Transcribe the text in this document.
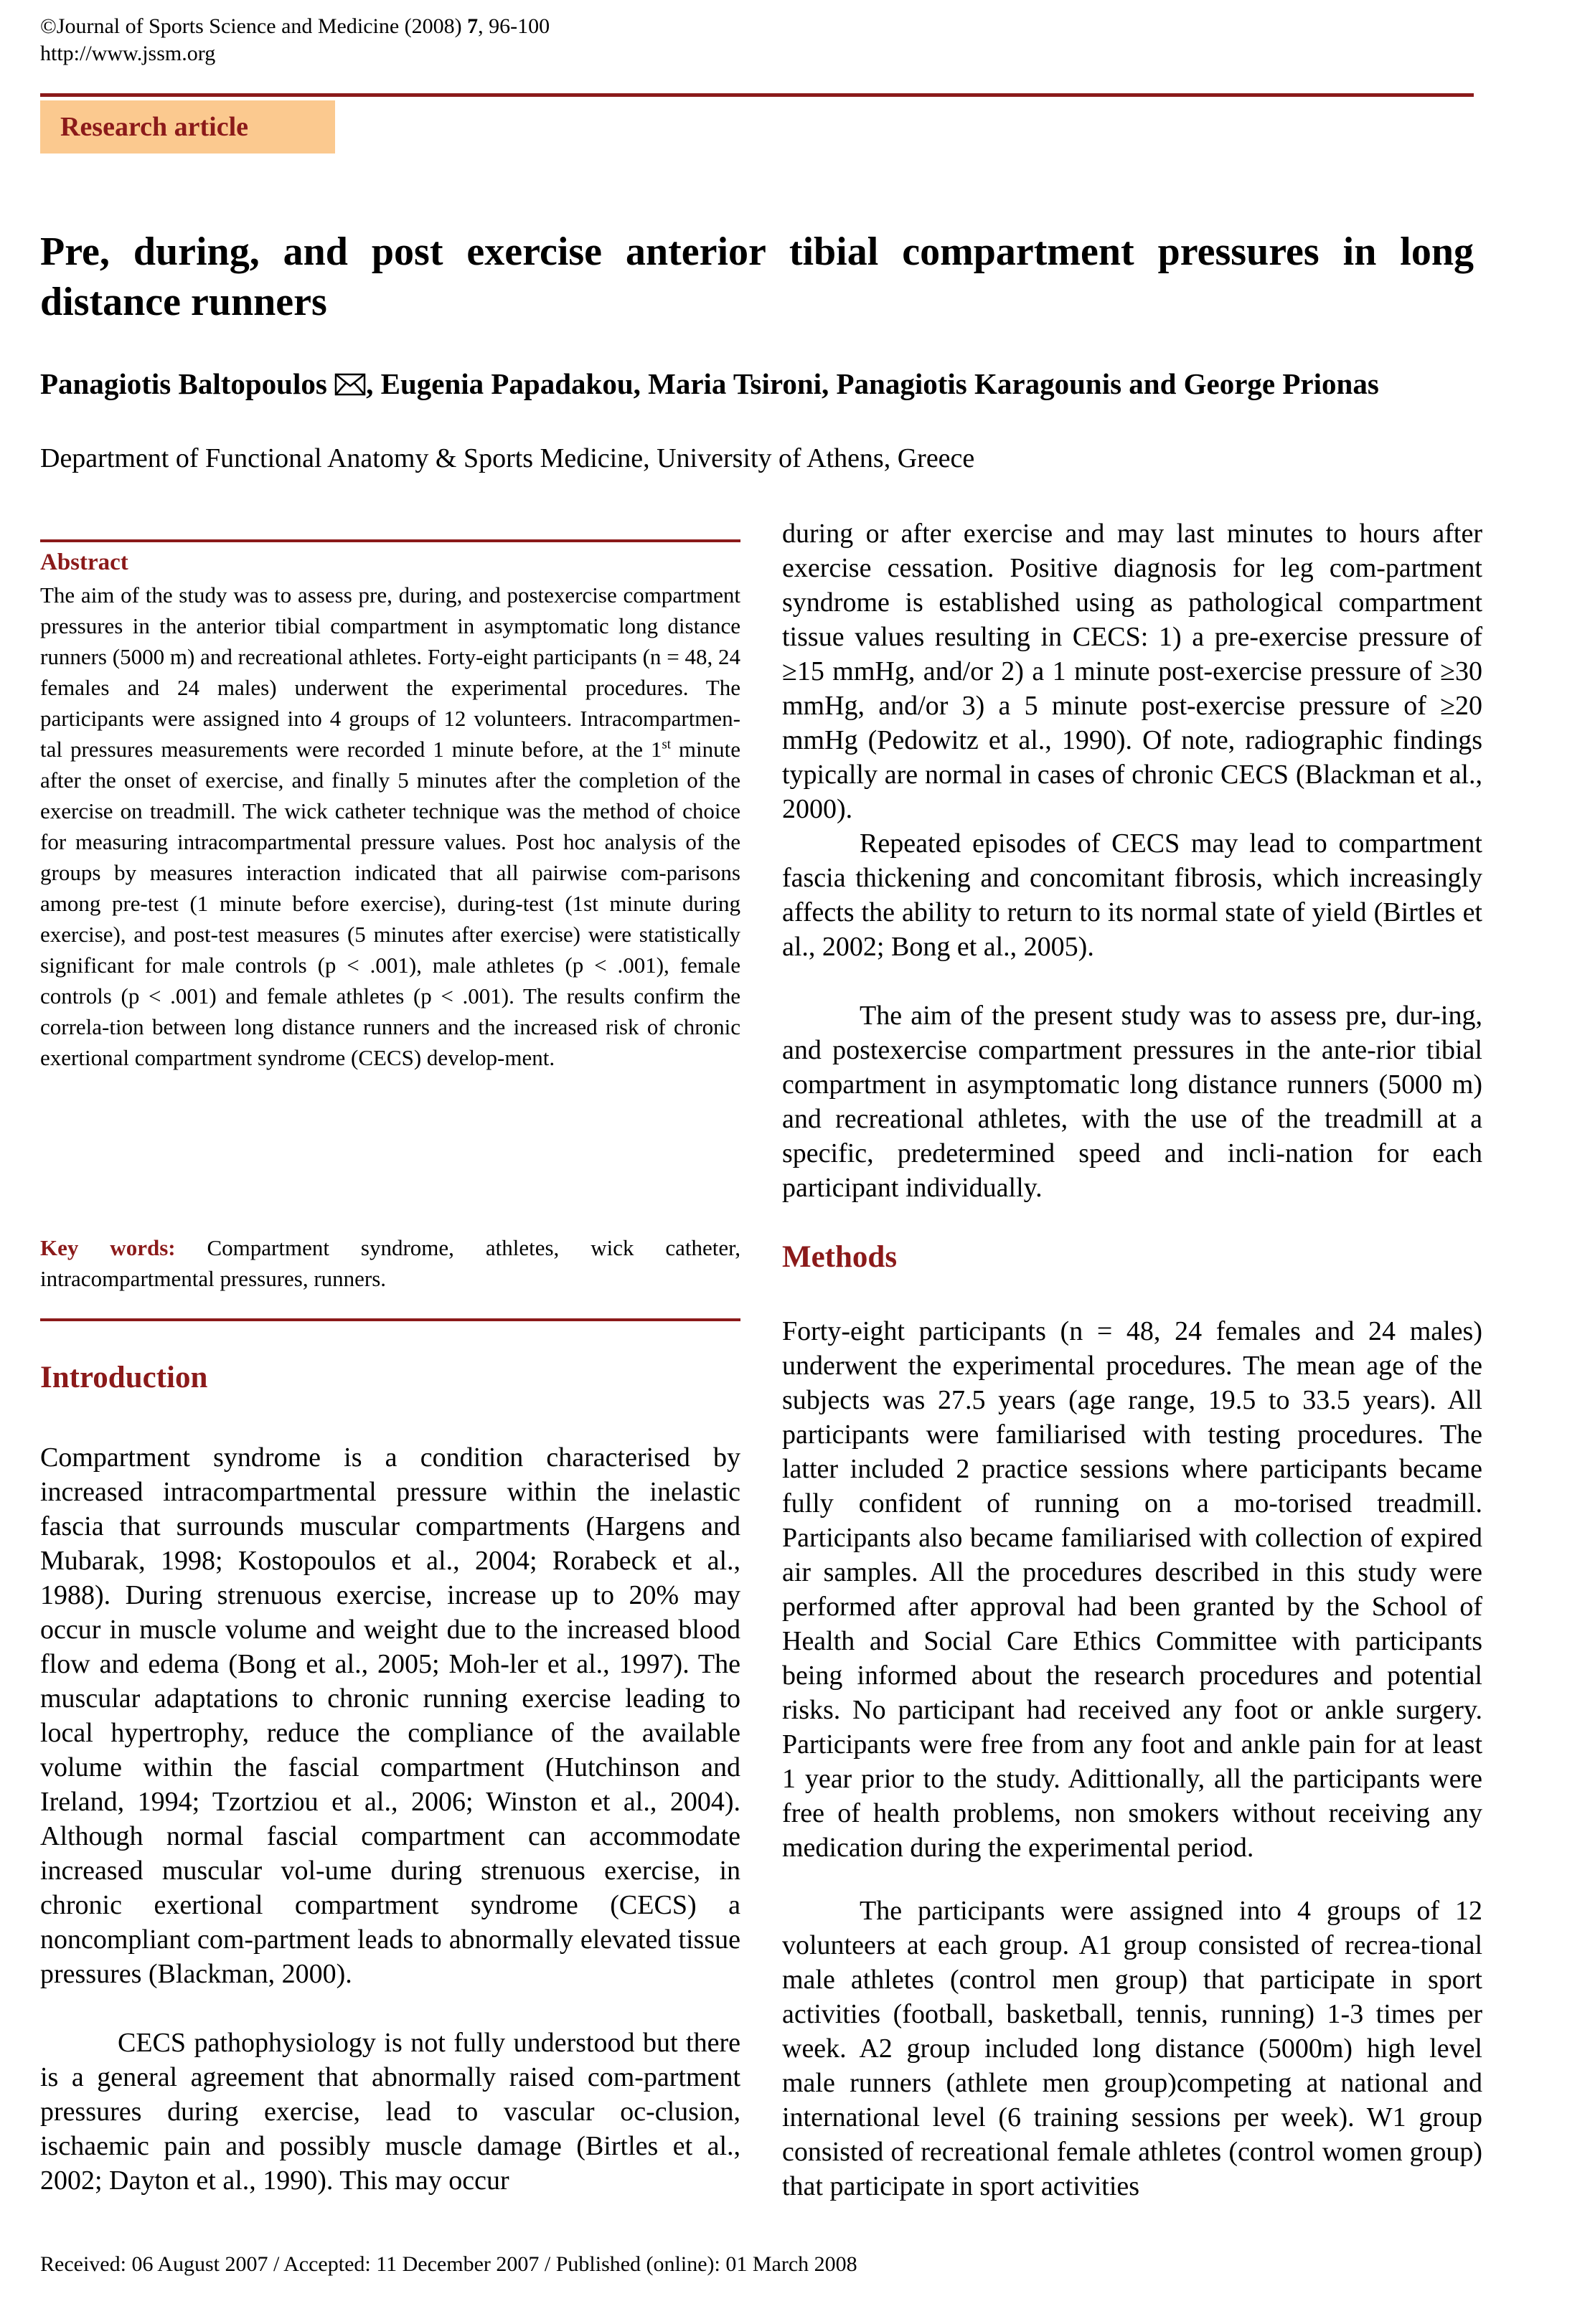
©Journal of Sports Science and Medicine (2008) 7, 96-100
http://www.jssm.org
Research article
Pre, during, and post exercise anterior tibial compartment pressures in long distance runners

Panagiotis Baltopoulos , Eugenia Papadakou, Maria Tsironi, Panagiotis Karagounis and George Prionas

Department of Functional Anatomy & Sports Medicine, University of Athens, Greece
Abstract

The aim of the study was to assess pre, during, and postexercise compartment pressures in the anterior tibial compartment in asymptomatic long distance runners (5000 m) and recreational athletes. Forty-eight participants (n = 48, 24 females and 24 males) underwent the experimental procedures. The participants were assigned into 4 groups of 12 volunteers. Intracompartmen-tal pressures measurements were recorded 1 minute before, at the 1st minute after the onset of exercise, and finally 5 minutes after the completion of the exercise on treadmill. The wick catheter technique was the method of choice for measuring intracompartmental pressure values. Post hoc analysis of the groups by measures interaction indicated that all pairwise com-parisons among pre-test (1 minute before exercise), during-test (1st minute during exercise), and post-test measures (5 minutes after exercise) were statistically significant for male controls (p < .001), male athletes (p < .001), female controls (p < .001) and female athletes (p < .001). The results confirm the correla-tion between long distance runners and the increased risk of chronic exertional compartment syndrome (CECS) develop-ment.

Key words: Compartment syndrome, athletes, wick catheter, intracompartmental pressures, runners.

Introduction

Compartment syndrome is a condition characterised by increased intracompartmental pressure within the inelastic fascia that surrounds muscular compartments (Hargens and Mubarak, 1998; Kostopoulos et al., 2004; Rorabeck et al., 1988). During strenuous exercise, increase up to 20% may occur in muscle volume and weight due to the increased blood flow and edema (Bong et al., 2005; Moh-ler et al., 1997). The muscular adaptations to chronic running exercise leading to local hypertrophy, reduce the compliance of the available volume within the fascial compartment (Hutchinson and Ireland, 1994; Tzortziou et al., 2006; Winston et al., 2004). Although normal fascial compartment can accommodate increased muscular vol-ume during strenuous exercise, in chronic exertional compartment syndrome (CECS) a noncompliant com-partment leads to abnormally elevated tissue pressures (Blackman, 2000).

CECS pathophysiology is not fully understood but there is a general agreement that abnormally raised com-partment pressures during exercise, lead to vascular oc-clusion, ischaemic pain and possibly muscle damage (Birtles et al., 2002; Dayton et al., 1990). This may occur

during or after exercise and may last minutes to hours after exercise cessation. Positive diagnosis for leg com-partment syndrome is established using as pathological compartment tissue values resulting in CECS: 1) a pre-exercise pressure of ≥15 mmHg, and/or 2) a 1 minute post-exercise pressure of ≥30 mmHg, and/or 3) a 5 minute post-exercise pressure of ≥20 mmHg (Pedowitz et al., 1990). Of note, radiographic findings typically are normal in cases of chronic CECS (Blackman et al., 2000).

Repeated episodes of CECS may lead to compartment fascia thickening and concomitant fibrosis, which increasingly affects the ability to return to its normal state of yield (Birtles et al., 2002; Bong et al., 2005).

The aim of the present study was to assess pre, dur-ing, and postexercise compartment pressures in the ante-rior tibial compartment in asymptomatic long distance runners (5000 m) and recreational athletes, with the use of the treadmill at a specific, predetermined speed and incli-nation for each participant individually.

Methods

Forty-eight participants (n = 48, 24 females and 24 males) underwent the experimental procedures. The mean age of the subjects was 27.5 years (age range, 19.5 to 33.5 years). All participants were familiarised with testing procedures. The latter included 2 practice sessions where participants became fully confident of running on a mo-torised treadmill. Participants also became familiarised with collection of expired air samples. All the procedures described in this study were performed after approval had been granted by the School of Health and Social Care Ethics Committee with participants being informed about the research procedures and potential risks. No participant had received any foot or ankle surgery. Participants were free from any foot and ankle pain for at least 1 year prior to the study. Adittionally, all the participants were free of health problems, non smokers without receiving any medication during the experimental period.

The participants were assigned into 4 groups of 12 volunteers at each group. A1 group consisted of recrea-tional male athletes (control men group) that participate in sport activities (football, basketball, tennis, running) 1-3 times per week. A2 group included long distance (5000m) high level male runners (athlete men group)competing at national and international level (6 training sessions per week). W1 group consisted of recreational female athletes (control women group) that participate in sport activities

Received: 06 August 2007 / Accepted: 11 December 2007 / Published (online): 01 March 2008
